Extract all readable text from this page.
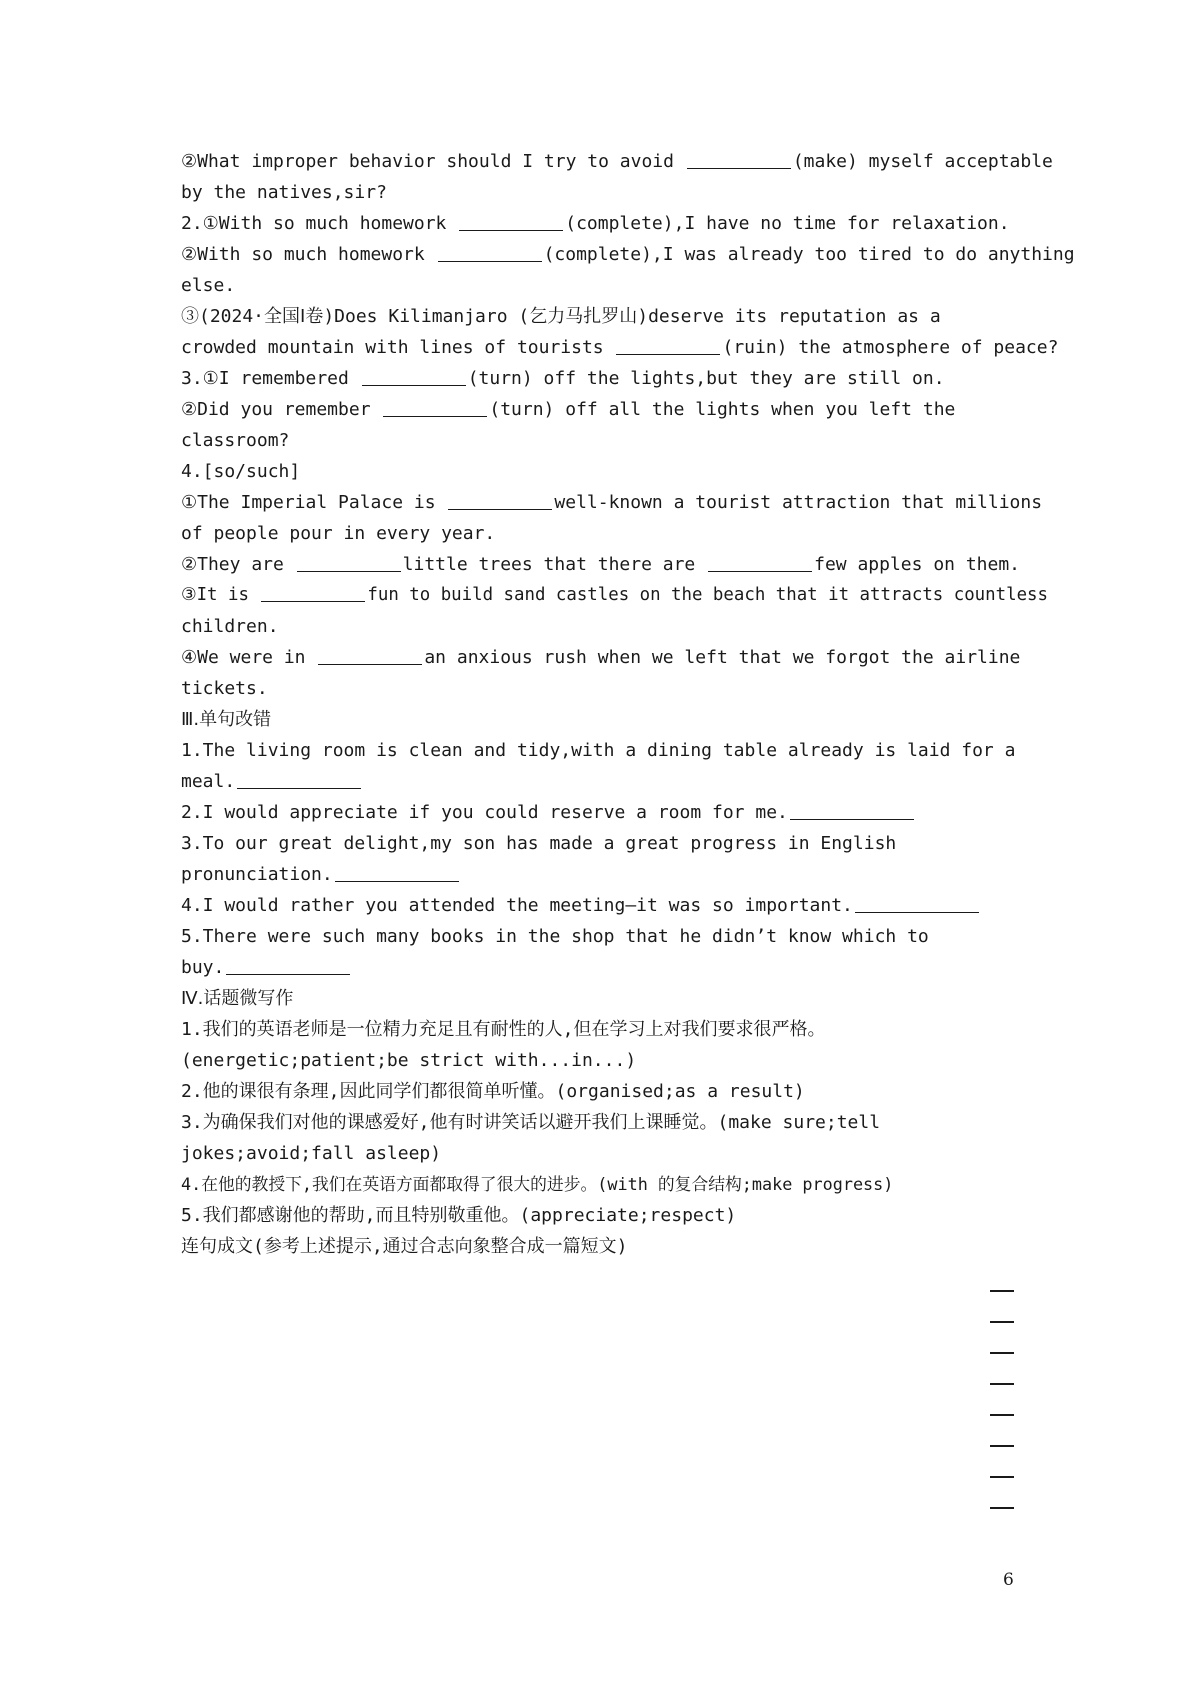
②What improper behavior should I try to avoid	(make) myself acceptable
by the natives,sir?
2.①With so much homework	(complete),I have no time for relaxation.
②With so much homework	(complete),I was already too tired to do anything
else.
③(2024·全国Ⅰ卷)Does Kilimanjaro (乞力马扎罗山)deserve its reputation as a
crowded mountain with lines of tourists	(ruin) the atmosphere of peace?
3.①I remembered	(turn) off the lights,but they are still on.
②Did you remember	(turn) off all the lights when you left the
classroom?
4.[so/such]
①The Imperial Palace is	well-known a tourist attraction that millions
of people pour in every year.
②They are	little trees that there are	few apples on them.
③It is	fun to build sand castles on the beach that it attracts countless
children.
④We were in	an anxious rush when we left that we forgot the airline
tickets.
Ⅲ.单句改错
1.The living room is clean and tidy,with a dining table already is laid for a
meal.
2.I would appreciate if you could reserve a room for me.
3.To our great delight,my son has made a great progress in English
pronunciation.
4.I would rather you attended the meeting—it was so important.
5.There were such many books in the shop that he didn’t know which to
buy.
Ⅳ.话题微写作
1.我们的英语老师是一位精力充足且有耐性的人,但在学习上对我们要求很严格。
(energetic;patient;be strict with...in...)
2.他的课很有条理,因此同学们都很简单听懂。(organised;as a result)
3.为确保我们对他的课感爱好,他有时讲笑话以避开我们上课睡觉。(make sure;tell
jokes;avoid;fall asleep)
4.在他的教授下,我们在英语方面都取得了很大的进步。(with 的复合结构;make progress)
5.我们都感谢他的帮助,而且特别敬重他。(appreciate;respect)
连句成文(参考上述提示,通过合志向象整合成一篇短文)
6
